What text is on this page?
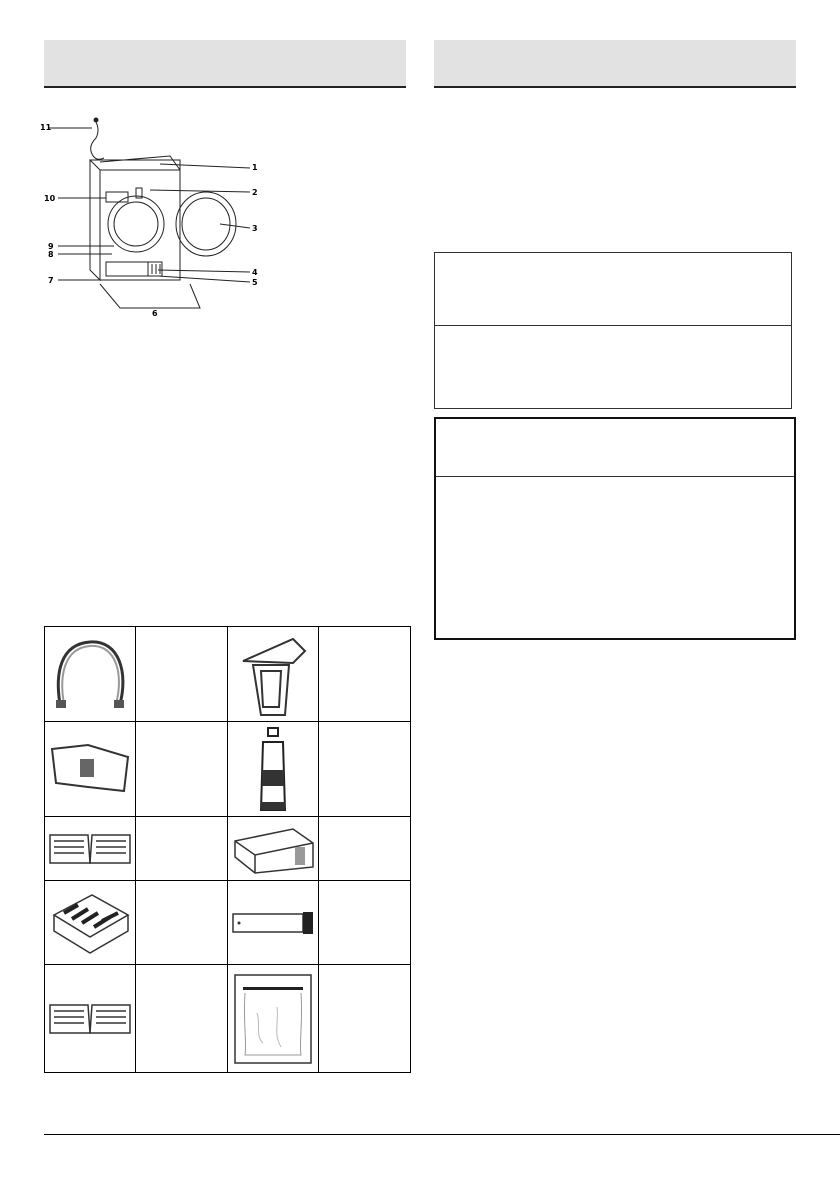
11
1
2
3
4
5
6
7
8
9
10
